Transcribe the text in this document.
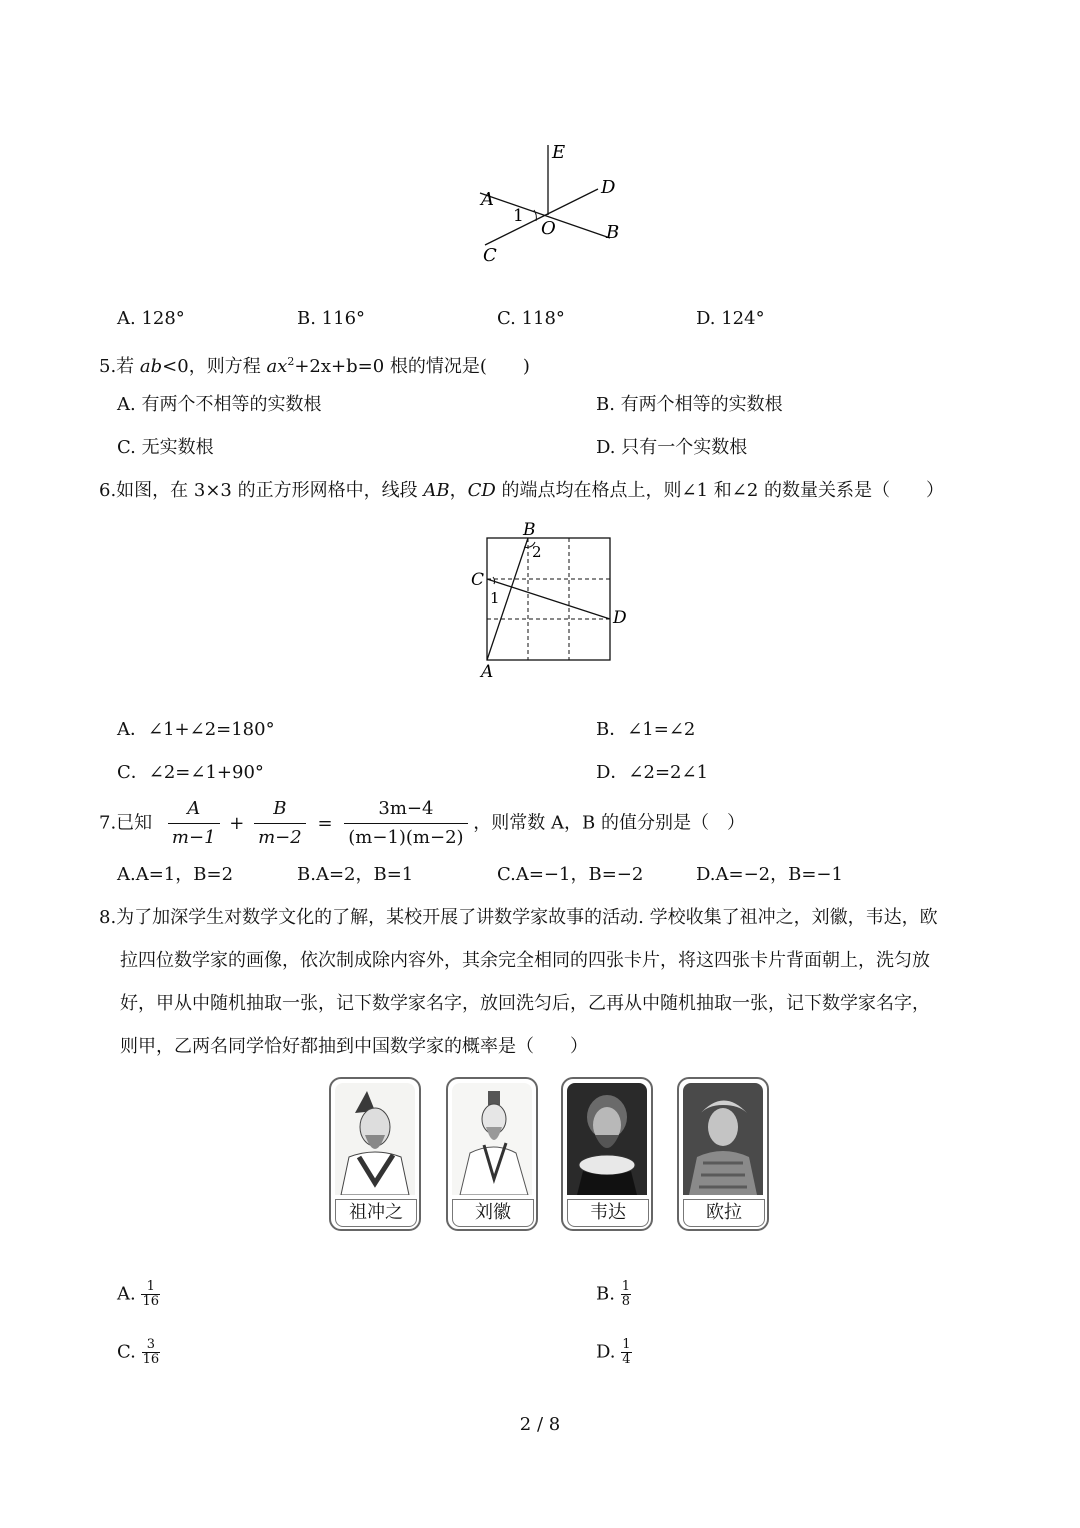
E
D
A
1
O	B
C
A. 128°	B. 116°	C. 118°	D. 124°
5.若 ab<0，则方程 $ax^2+2x+b=0$ 根的情况是(　　)
A. 有两个不相等的实数根	B. 有两个相等的实数根
C. 无实数根	D. 只有一个实数根
6.如图，在 3×3 的正方形网格中，线段 AB，CD 的端点均在格点上，则∠1 和∠2 的数量关系是（　　）
B
2
C
1
D
A
A．∠1+∠2=180°	B．∠1=∠2
C．∠2=∠1+90°	D．∠2=2∠1
7.已知 $\frac{A}{m-1} + \frac{B}{m-2} = \frac{3m-4}{(m-1)(m-2)}$ ，则常数 A，B 的值分别是（　）
A.A=1，B=2	B.A=2，B=1	C.A=−1，B=−2	D.A=−2，B=−1
8.为了加深学生对数学文化的了解，某校开展了讲数学家故事的活动. 学校收集了祖冲之，刘徽，韦达，欧
拉四位数学家的画像，依次制成除内容外，其余完全相同的四张卡片，将这四张卡片背面朝上，洗匀放
好，甲从中随机抽取一张，记下数学家名字，放回洗匀后，乙再从中随机抽取一张，记下数学家名字，
则甲，乙两名同学恰好都抽到中国数学家的概率是（　　）
祖冲之	刘徽	韦达	欧拉
A. $\frac{1}{16}$	B. $\frac{1}{8}$
C. $\frac{3}{16}$	D. $\frac{1}{4}$
2 / 8
